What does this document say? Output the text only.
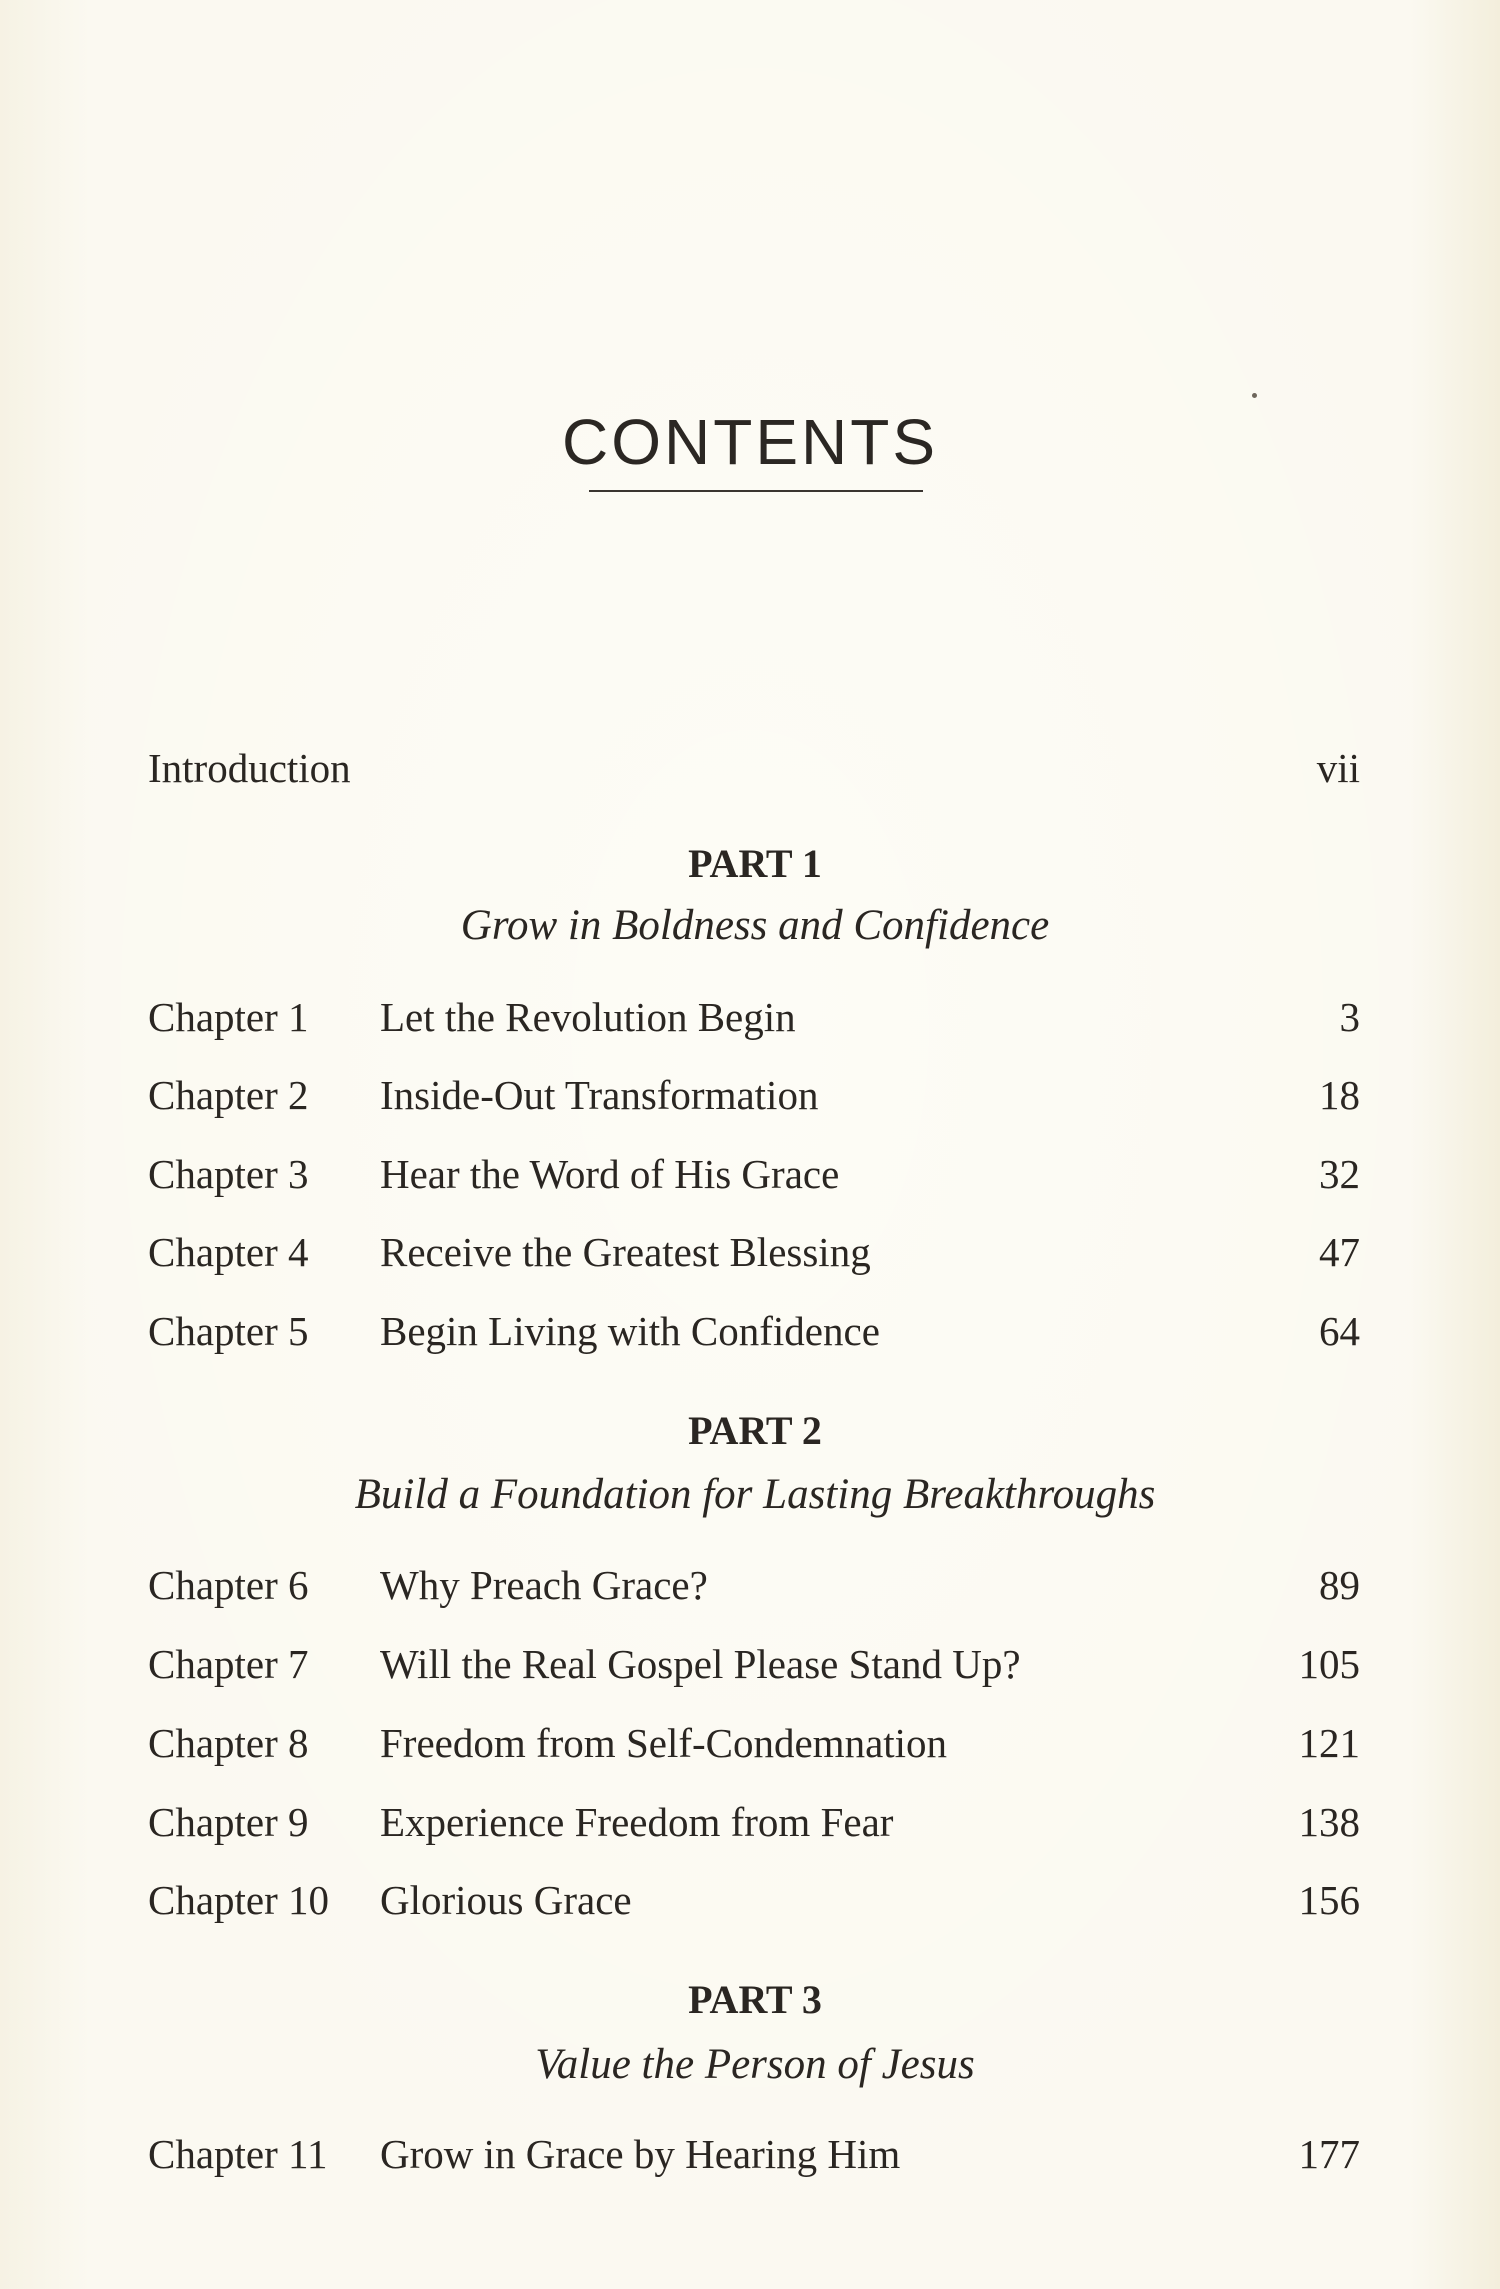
CONTENTS
Introduction	vii
PART 1
Grow in Boldness and Confidence
Chapter 1 Let the Revolution Begin	3
Chapter 2 Inside-Out Transformation	18
Chapter 3 Hear the Word of His Grace	32
Chapter 4 Receive the Greatest Blessing	47
Chapter 5 Begin Living with Confidence	64
PART 2
Build a Foundation for Lasting Breakthroughs
Chapter 6 Why Preach Grace?	89
Chapter 7 Will the Real Gospel Please Stand Up?	105
Chapter 8 Freedom from Self-Condemnation	121
Chapter 9 Experience Freedom from Fear	138
Chapter 10 Glorious Grace	156
PART 3
Value the Person of Jesus
Chapter 11 Grow in Grace by Hearing Him	177
